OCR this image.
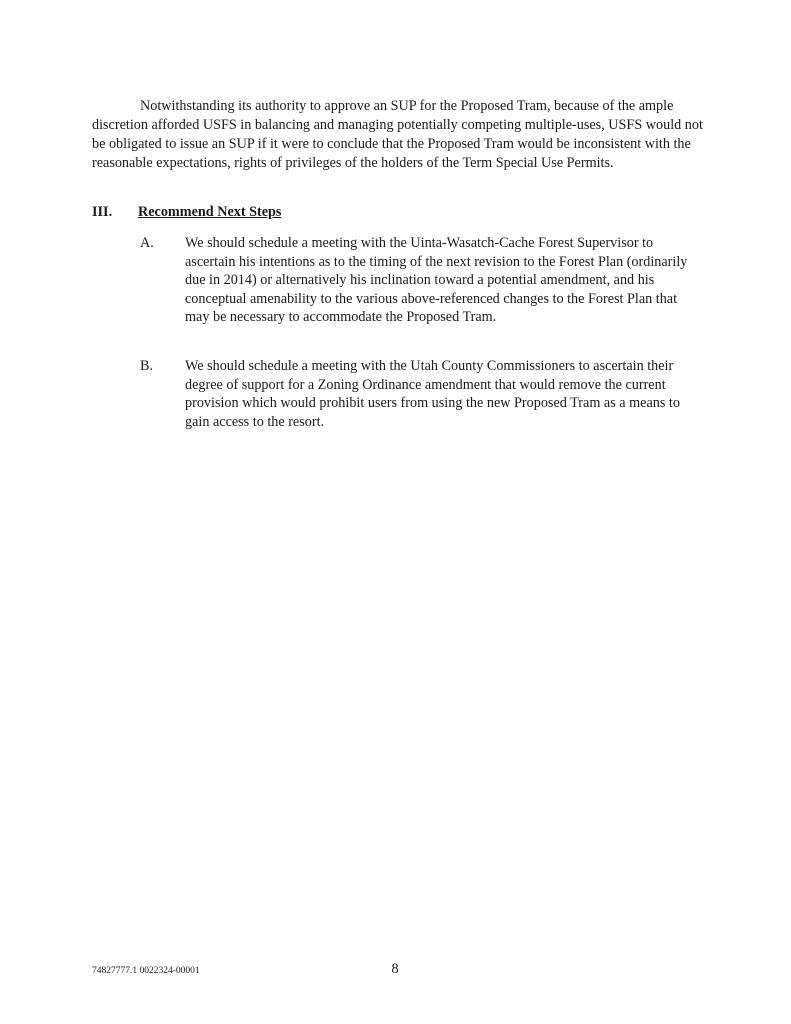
Notwithstanding its authority to approve an SUP for the Proposed Tram, because of the ample discretion afforded USFS in balancing and managing potentially competing multiple-uses, USFS would not be obligated to issue an SUP if it were to conclude that the Proposed Tram would be inconsistent with the reasonable expectations, rights of privileges of the holders of the Term Special Use Permits.

III. Recommend Next Steps
A. We should schedule a meeting with the Uinta-Wasatch-Cache Forest Supervisor to ascertain his intentions as to the timing of the next revision to the Forest Plan (ordinarily due in 2014) or alternatively his inclination toward a potential amendment, and his conceptual amenability to the various above-referenced changes to the Forest Plan that may be necessary to accommodate the Proposed Tram.
B. We should schedule a meeting with the Utah County Commissioners to ascertain their degree of support for a Zoning Ordinance amendment that would remove the current provision which would prohibit users from using the new Proposed Tram as a means to gain access to the resort.
74827777.1 0022324-00001	8
